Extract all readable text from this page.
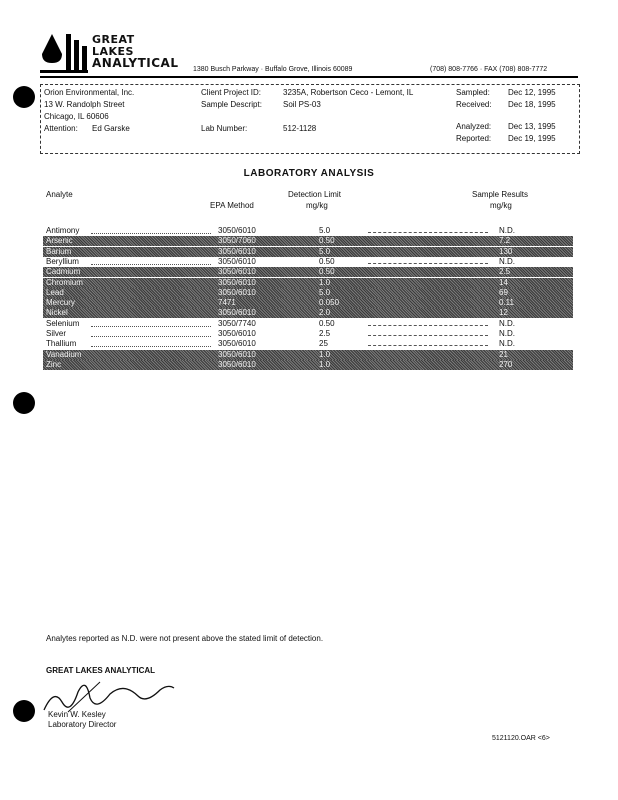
GREAT
LAKES
ANALYTICAL 1380 Busch Parkway · Buffalo Grove, Illinois 60089	(708) 808-7766 · FAX (708) 808-7772
Orion Environmental, Inc.
13 W. Randolph Street
Chicago, IL 60606
Attention: Ed Garske
Client Project ID:	3235A, Robertson Ceco - Lemont, IL
Sample Descript:	Soil PS-03
Lab Number:	512-1128
Sampled: Dec 12, 1995
Received: Dec 18, 1995
Analyzed: Dec 13, 1995
Reported: Dec 19, 1995
LABORATORY ANALYSIS
Analyte
EPA Method
Detection Limit
mg/kg
Sample Results
mg/kg
Antimony	3050/6010	5.0	N.D.
Arsenic	3050/7060	0.50	7.2
Barium	3050/6010	5.0	130
Beryllium	3050/6010	0.50	N.D.
Cadmium	3050/6010	0.50	2.5
Chromium	3050/6010	1.0	14
Lead	3050/6010	5.0	69
Mercury	7471	0.050	0.11
Nickel	3050/6010	2.0	12
Selenium	3050/7740	0.50	N.D.
Silver	3050/6010	2.5	N.D.
Thallium	3050/6010	25	N.D.
Vanadium	3050/6010	1.0	21
Zinc	3050/6010	1.0	270
Analytes reported as N.D. were not present above the stated limit of detection.
GREAT LAKES ANALYTICAL
Kevin W. Kesley
Laboratory Director
5121120.OAR <6>
